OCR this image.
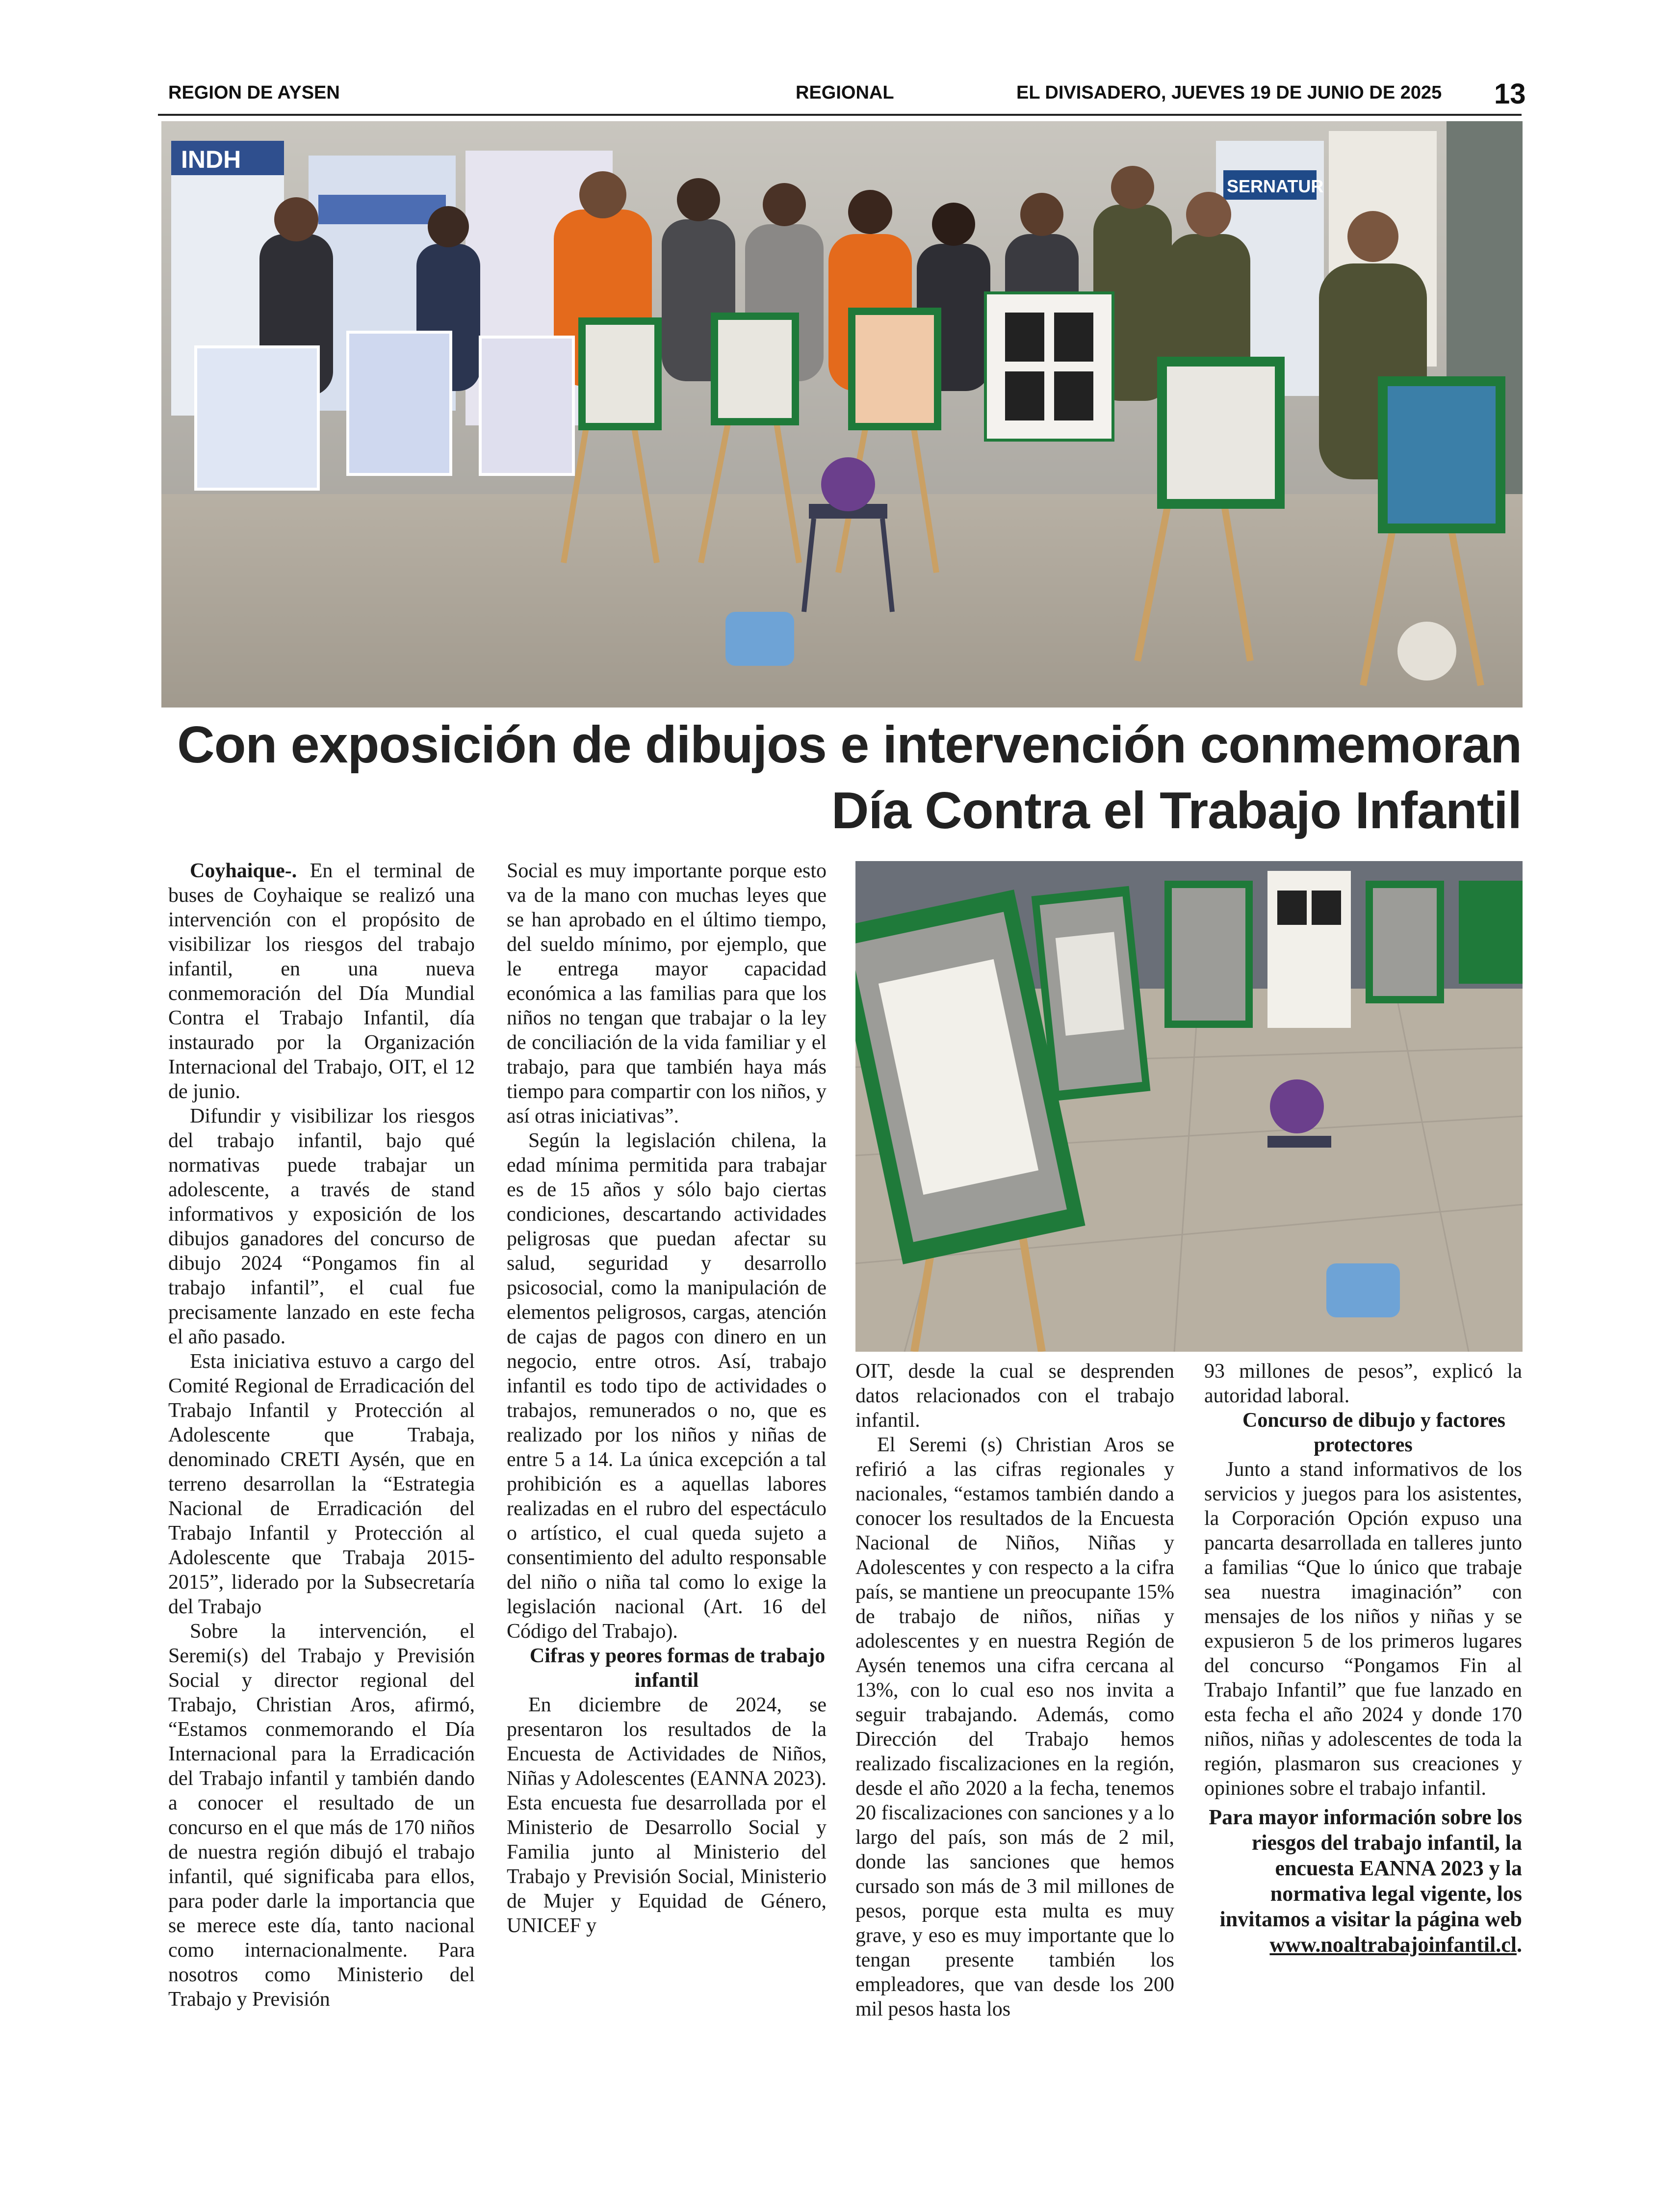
REGION DE AYSEN	REGIONAL	EL DIVISADERO, JUEVES 19 DE JUNIO DE 2025 13
INDH
SERNATUR
Con exposición de dibujos e intervención conmemoran
Día Contra el Trabajo Infantil

Coyhaique-. En el terminal de buses de Coyhaique se realizó una intervención con el propósito de visibilizar los riesgos del trabajo infantil, en una nueva conmemoración del Día Mundial Contra el Trabajo Infantil, día instaurado por la Organización Internacional del Trabajo, OIT, el 12 de junio.

Difundir y visibilizar los riesgos del trabajo infantil, bajo qué normativas puede trabajar un adolescente, a través de stand informativos y exposición de los dibujos ganadores del concurso de dibujo 2024 “Pongamos fin al trabajo infantil”, el cual fue precisamente lanzado en este fecha el año pasado.

Esta iniciativa estuvo a cargo del Comité Regional de Erradicación del Trabajo Infantil y Protección al Adolescente que Trabaja, denominado CRETI Aysén, que en terreno desarrollan la “Estrategia Nacional de Erradicación del Trabajo Infantil y Protección al Adolescente que Trabaja 2015-2015”, liderado por la Subsecretaría del Trabajo

Sobre la intervención, el Seremi(s) del Trabajo y Previsión Social y director regional del Trabajo, Christian Aros, afirmó, “Estamos conmemorando el Día Internacional para la Erradicación del Trabajo infantil y también dando a conocer el resultado de un concurso en el que más de 170 niños de nuestra región dibujó el trabajo infantil, qué significaba para ellos, para poder darle la importancia que se merece este día, tanto nacional como internacionalmente. Para nosotros como Ministerio del Trabajo y Previsión

Social es muy importante porque esto va de la mano con muchas leyes que se han aprobado en el último tiempo, del sueldo mínimo, por ejemplo, que le entrega mayor capacidad económica a las familias para que los niños no tengan que trabajar o la ley de conciliación de la vida familiar y el trabajo, para que también haya más tiempo para compartir con los niños, y así otras iniciativas”.

Según la legislación chilena, la edad mínima permitida para trabajar es de 15 años y sólo bajo ciertas condiciones, descartando actividades peligrosas que puedan afectar su salud, seguridad y desarrollo psicosocial, como la manipulación de elementos peligrosos, cargas, atención de cajas de pagos con dinero en un negocio, entre otros. Así, trabajo infantil es todo tipo de actividades o trabajos, remunerados o no, que es realizado por los niños y niñas de entre 5 a 14. La única excepción a tal prohibición es a aquellas labores realizadas en el rubro del espectáculo o artístico, el cual queda sujeto a consentimiento del adulto responsable del niño o niña tal como lo exige la legislación nacional (Art. 16 del Código del Trabajo).

Cifras y peores formas de trabajo infantil

En diciembre de 2024, se presentaron los resultados de la Encuesta de Actividades de Niños, Niñas y Adolescentes (EANNA 2023). Esta encuesta fue desarrollada por el Ministerio de Desarrollo Social y Familia junto al Ministerio del Trabajo y Previsión Social, Ministerio de Mujer y Equidad de Género, UNICEF y

OIT, desde la cual se desprenden datos relacionados con el trabajo infantil.

El Seremi (s) Christian Aros se refirió a las cifras regionales y nacionales, “estamos también dando a conocer los resultados de la Encuesta Nacional de Niños, Niñas y Adolescentes y con respecto a la cifra país, se mantiene un preocupante 15% de trabajo de niños, niñas y adolescentes y en nuestra Región de Aysén tenemos una cifra cercana al 13%, con lo cual eso nos invita a seguir trabajando. Además, como Dirección del Trabajo hemos realizado fiscalizaciones en la región, desde el año 2020 a la fecha, tenemos 20 fiscalizaciones con sanciones y a lo largo del país, son más de 2 mil, donde las sanciones que hemos cursado son más de 3 mil millones de pesos, porque esta multa es muy grave, y eso es muy importante que lo tengan presente también los empleadores, que van desde los 200 mil pesos hasta los

93 millones de pesos”, explicó la autoridad laboral.

Concurso de dibujo y factores protectores

Junto a stand informativos de los servicios y juegos para los asistentes, la Corporación Opción expuso una pancarta desarrollada en talleres junto a familias “Que lo único que trabaje sea nuestra imaginación” con mensajes de los niños y niñas y se expusieron 5 de los primeros lugares del concurso “Pongamos Fin al Trabajo Infantil” que fue lanzado en esta fecha el año 2024 y donde 170 niños, niñas y adolescentes de toda la región, plasmaron sus creaciones y opiniones sobre el trabajo infantil.

Para mayor información sobre los riesgos del trabajo infantil, la encuesta EANNA 2023 y la normativa legal vigente, los invitamos a visitar la página web
www.noaltrabajoinfantil.cl.
